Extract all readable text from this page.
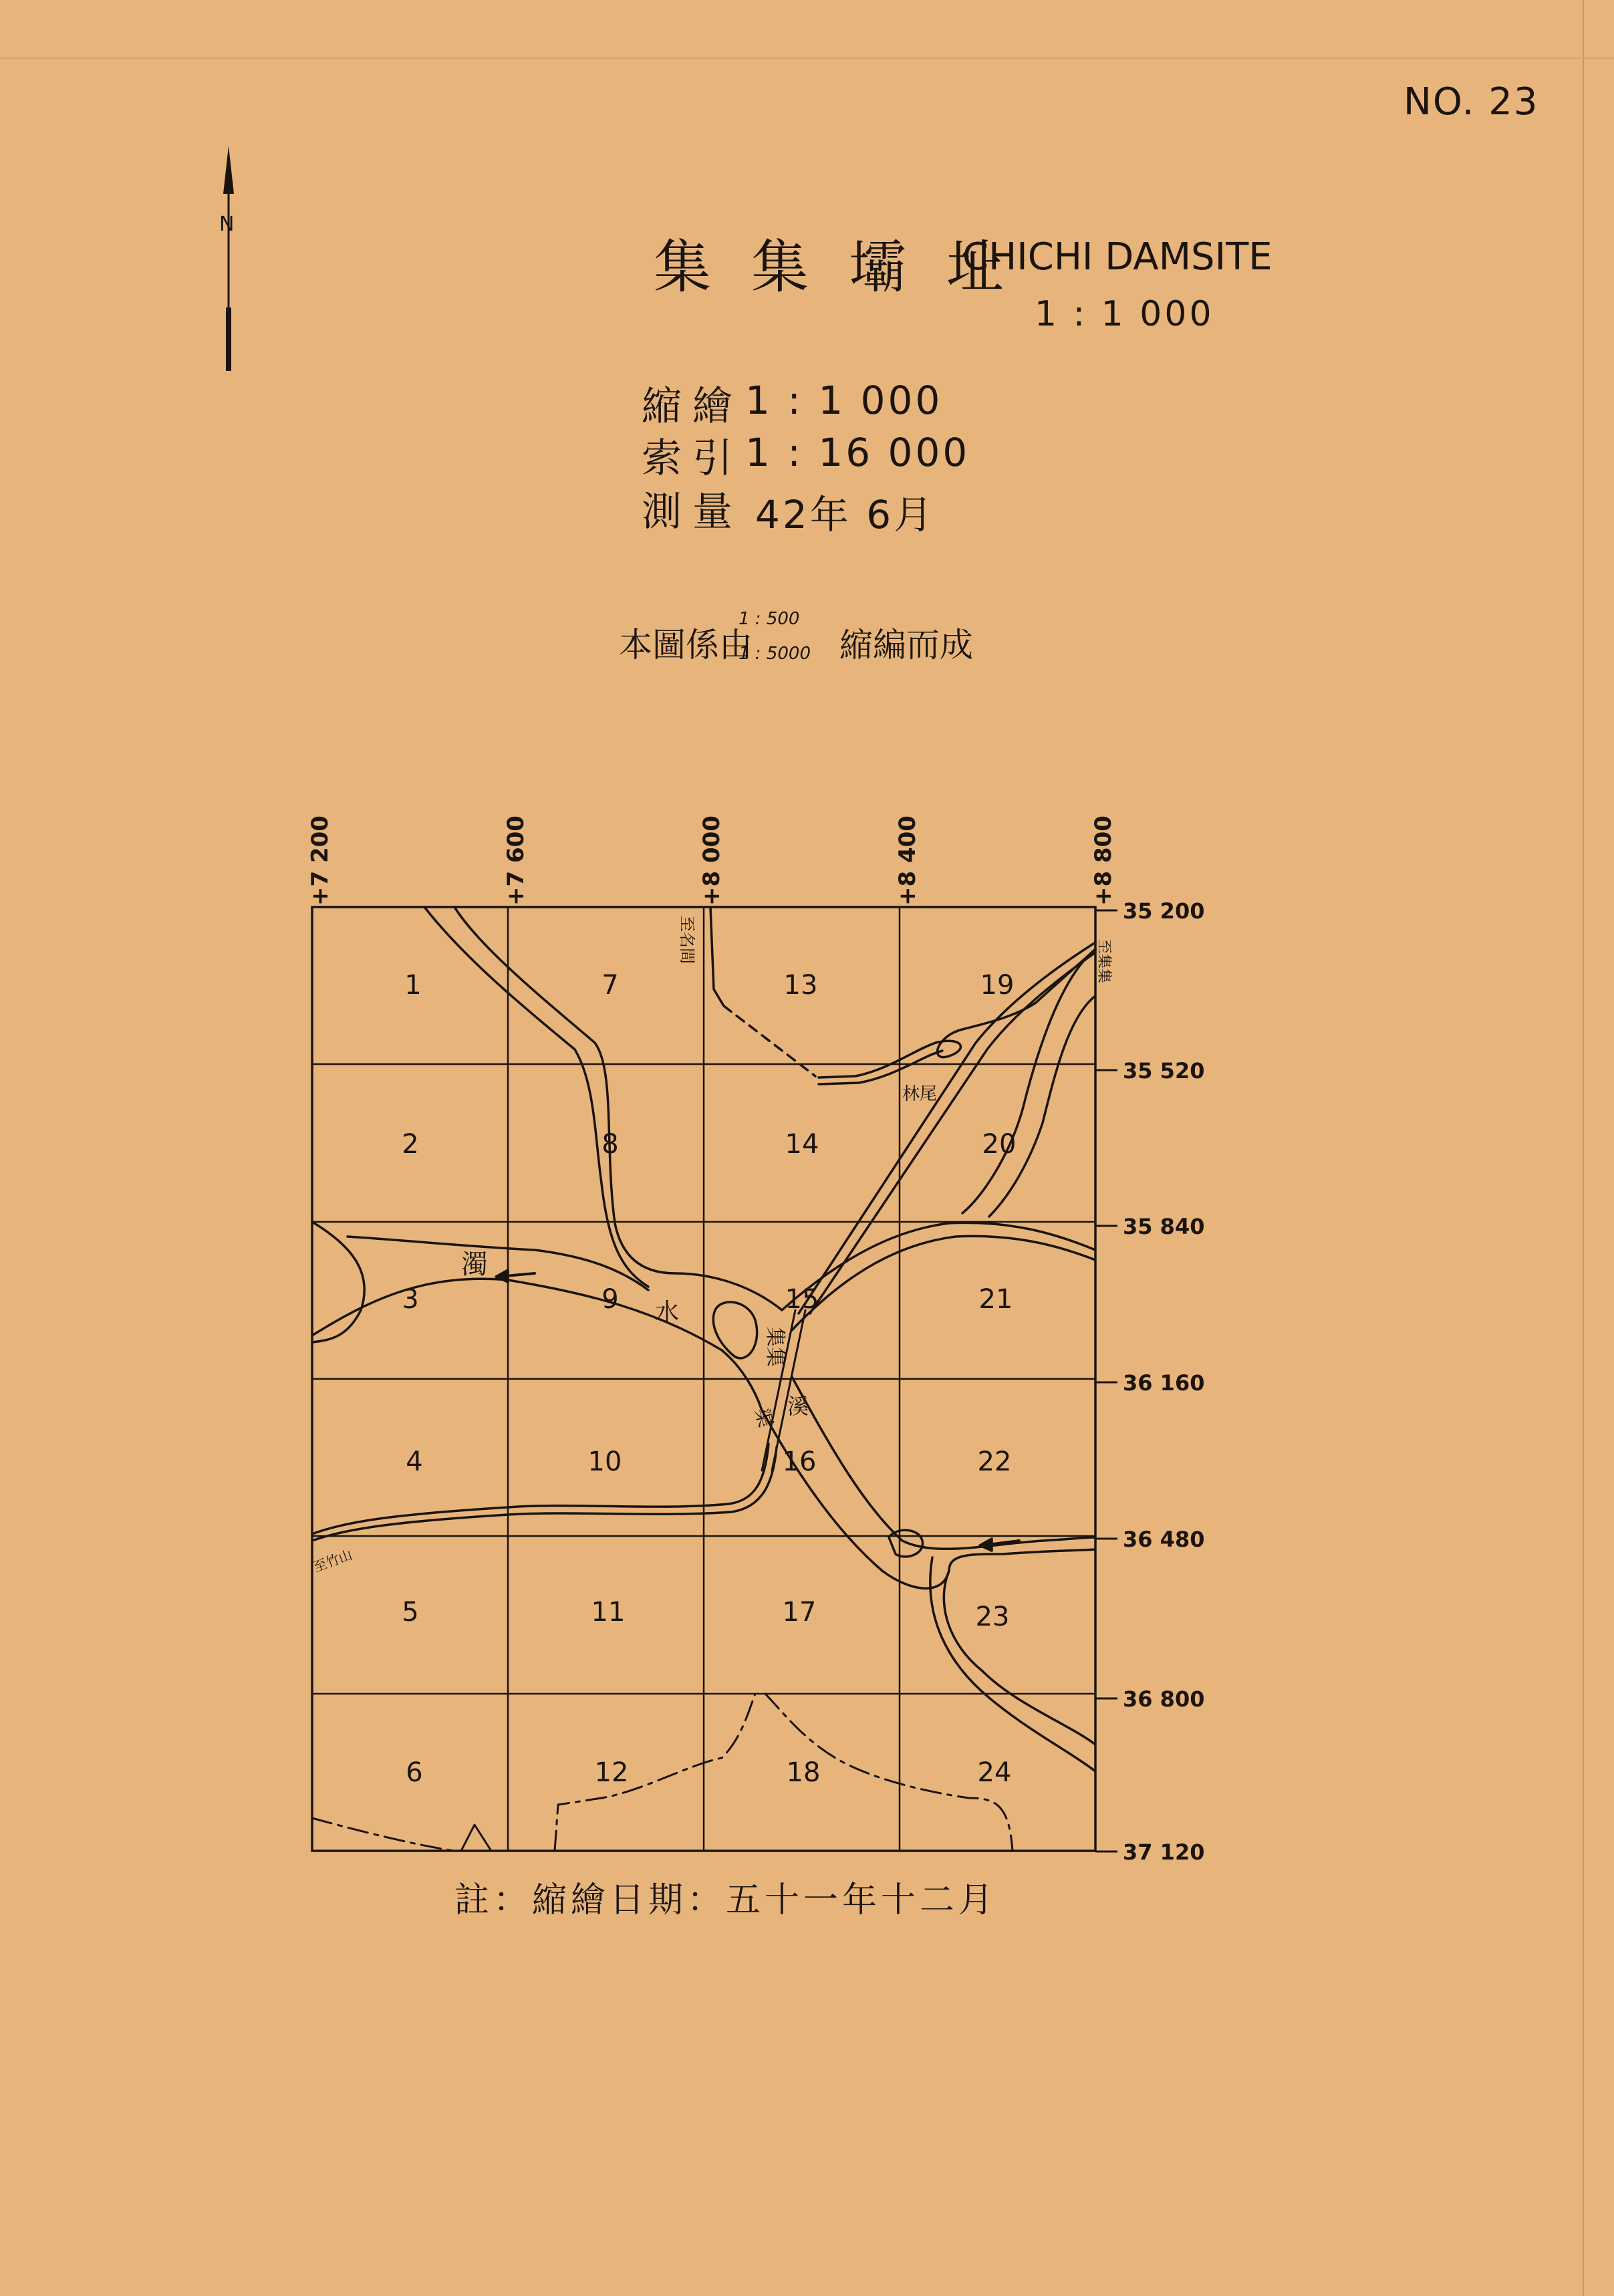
NO. 23
N
集集壩址
CHICHI DAMSITE
1 : 1 000
縮繪 1 : 1 000
索引 1 : 16 000
測量 42年 6月
本圖係由
1 : 500
1 : 5000 縮編而成
+7 200	+7 600	+8 000	+8 400	+8 800
35 200
35 520
35 840
36 160
36 480
36 800
37 120
1
2
3
4
5
6
7
8
9
10
11
12
13
14
15
16
17
18
19
20
21
22
23
24
濁
水
集集
渠 溪
至名間	至集集
林尾
至竹山
註：縮繪日期：五十一年十二月
